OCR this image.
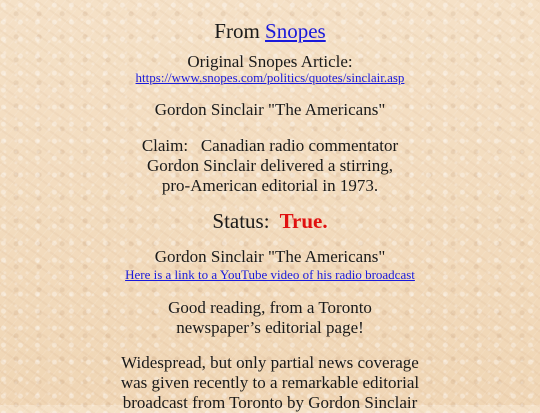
From Snopes
Original Snopes Article:
https://www.snopes.com/politics/quotes/sinclair.asp
Gordon Sinclair "The Americans"
Claim: Canadian radio commentator
Gordon Sinclair delivered a stirring,
pro-American editorial in 1973.
Status: True.
Gordon Sinclair "The Americans"
Here is a link to a YouTube video of his radio broadcast
Good reading, from a Toronto
newspaper’s editorial page!
Widespread, but only partial news coverage
was given recently to a remarkable editorial
broadcast from Toronto by Gordon Sinclair
